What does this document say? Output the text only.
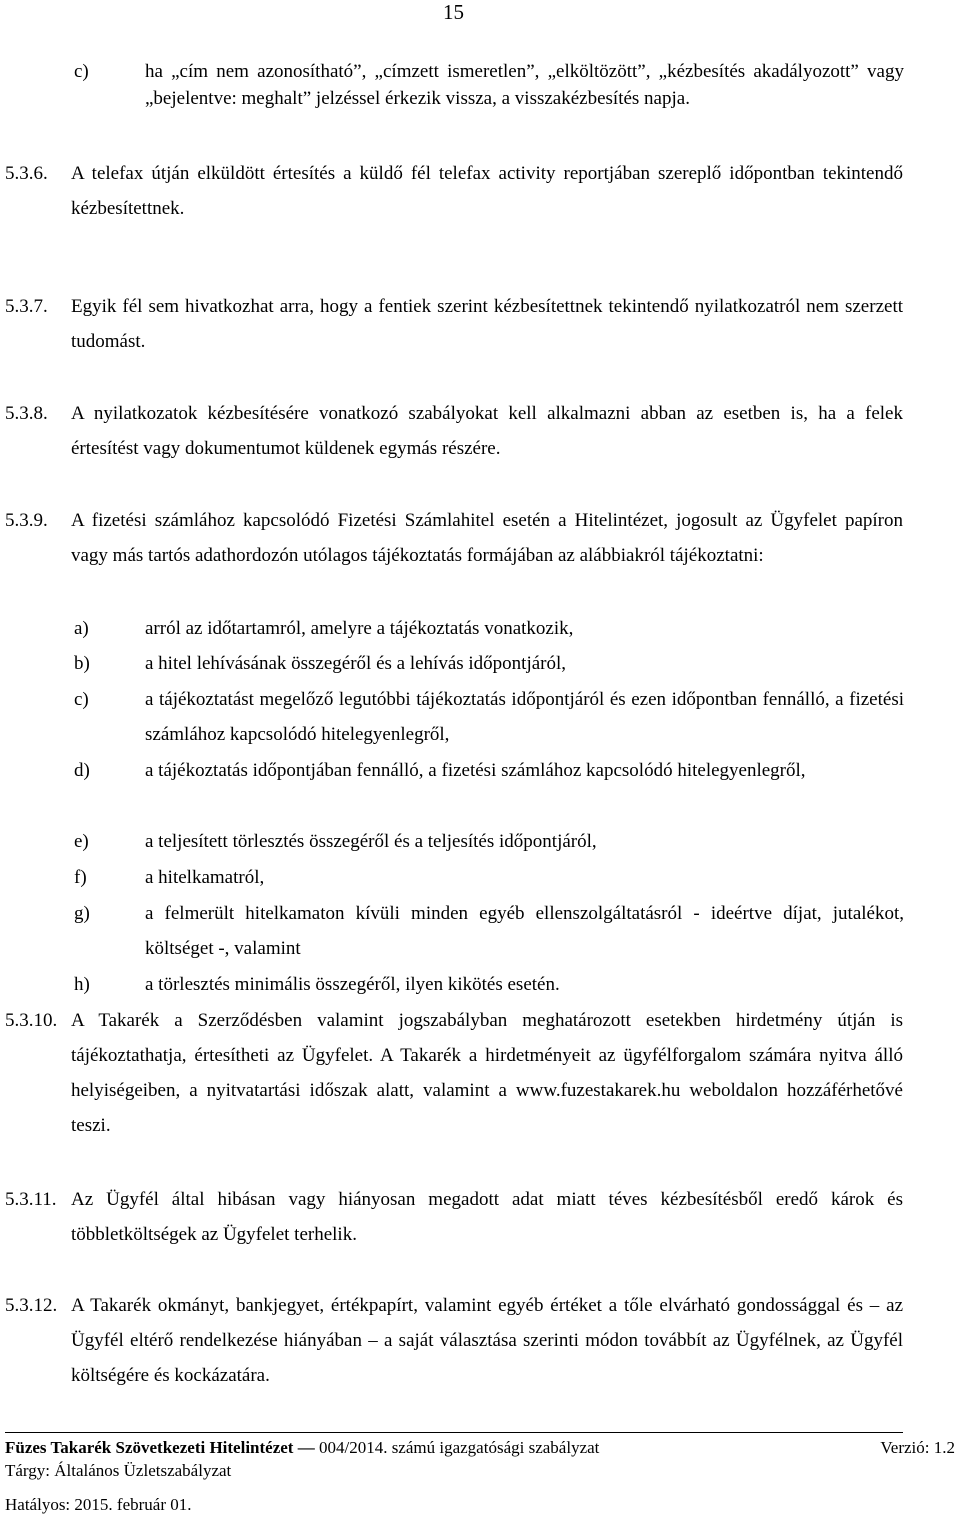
15
c)	ha „cím nem azonosítható”, „címzett ismeretlen”, „elköltözött”, „kézbesítés akadályozott” vagy „bejelentve: meghalt” jelzéssel érkezik vissza, a visszakézbesítés napja.
5.3.6. A telefax útján elküldött értesítés a küldő fél telefax activity reportjában szereplő időpontban tekintendő kézbesítettnek.
5.3.7. Egyik fél sem hivatkozhat arra, hogy a fentiek szerint kézbesítettnek tekintendő nyilatkozatról nem szerzett tudomást.
5.3.8. A nyilatkozatok kézbesítésére vonatkozó szabályokat kell alkalmazni abban az esetben is, ha a felek értesítést vagy dokumentumot küldenek egymás részére.
5.3.9. A fizetési számlához kapcsolódó Fizetési Számlahitel esetén a Hitelintézet, jogosult az Ügyfelet papíron vagy más tartós adathordozón utólagos tájékoztatás formájában az alábbiakról tájékoztatni:
a)	arról az időtartamról, amelyre a tájékoztatás vonatkozik,
b)	a hitel lehívásának összegéről és a lehívás időpontjáról,
c)	a tájékoztatást megelőző legutóbbi tájékoztatás időpontjáról és ezen időpontban fennálló, a fizetési számlához kapcsolódó hitelegyenlegről,
d)	a tájékoztatás időpontjában fennálló, a fizetési számlához kapcsolódó hitelegyenlegről,
e)	a teljesített törlesztés összegéről és a teljesítés időpontjáról,
f)	a hitelkamatról,
g)	a felmerült hitelkamaton kívüli minden egyéb ellenszolgáltatásról - ideértve díjat, jutalékot, költséget -, valamint
h)	a törlesztés minimális összegéről, ilyen kikötés esetén.
5.3.10. A Takarék a Szerződésben valamint jogszabályban meghatározott esetekben hirdetmény útján is tájékoztathatja, értesítheti az Ügyfelet. A Takarék a hirdetményeit az ügyfélforgalom számára nyitva álló helyiségeiben, a nyitvatartási időszak alatt, valamint a www.fuzestakarek.hu weboldalon hozzáférhetővé teszi.
5.3.11. Az Ügyfél által hibásan vagy hiányosan megadott adat miatt téves kézbesítésből eredő károk és többletköltségek az Ügyfelet terhelik.
5.3.12. A Takarék okmányt, bankjegyet, értékpapírt, valamint egyéb értéket a tőle elvárható gondossággal és – az Ügyfél eltérő rendelkezése hiányában – a saját választása szerinti módon továbbít az Ügyfélnek, az Ügyfél költségére és kockázatára.
Füzes Takarék Szövetkezeti Hitelintézet — 004/2014. számú igazgatósági szabályzat	Verzió: 1.2
Tárgy: Általános Üzletszabályzat
Hatályos: 2015. február 01.
